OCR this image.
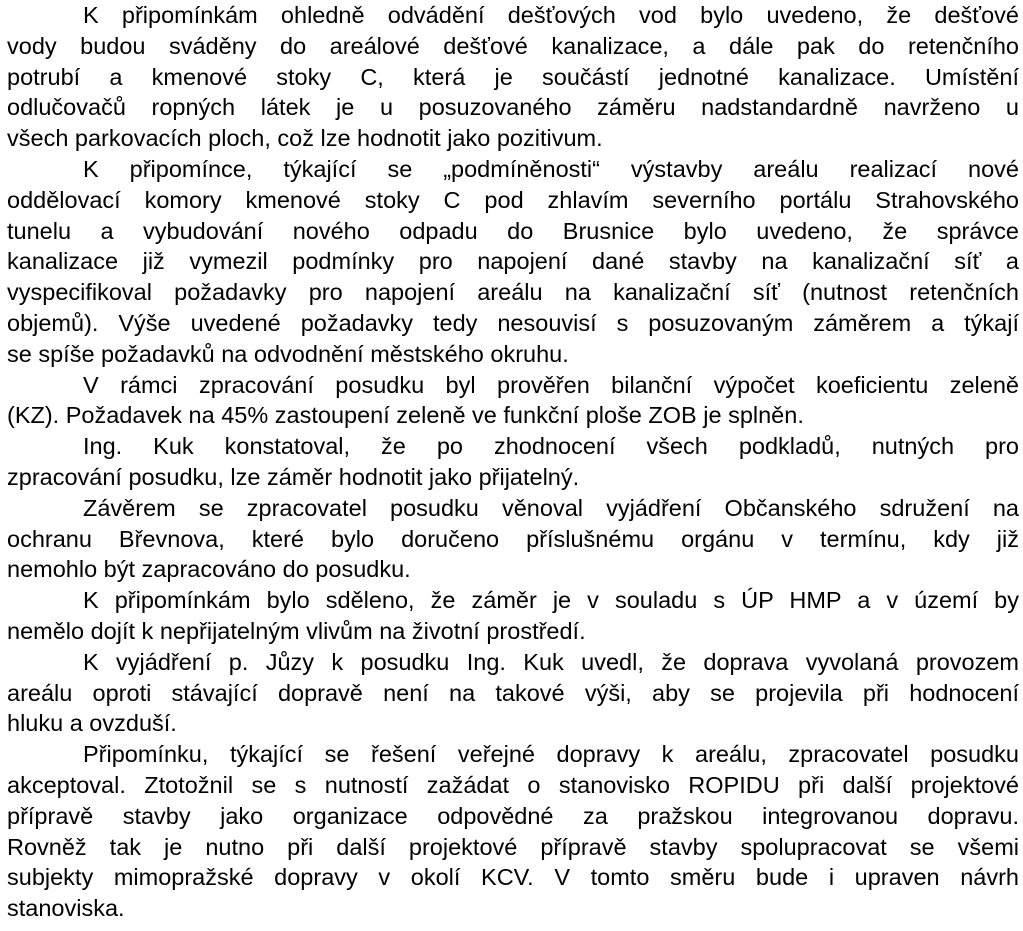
K připomínkám ohledně odvádění dešťových vod bylo uvedeno, že dešťové
vody budou sváděny do areálové dešťové kanalizace, a dále pak do retenčního
potrubí a kmenové stoky C, která je součástí jednotné kanalizace. Umístění
odlučovačů ropných látek je u posuzovaného záměru nadstandardně navrženo u
všech parkovacích ploch, což lze hodnotit jako pozitivum.
K připomínce, týkající se „podmíněnosti“ výstavby areálu realizací nové
oddělovací komory kmenové stoky C pod zhlavím severního portálu Strahovského
tunelu a vybudování nového odpadu do Brusnice bylo uvedeno, že správce
kanalizace již vymezil podmínky pro napojení dané stavby na kanalizační síť a
vyspecifikoval požadavky pro napojení areálu na kanalizační síť (nutnost retenčních
objemů). Výše uvedené požadavky tedy nesouvisí s posuzovaným záměrem a týkají
se spíše požadavků na odvodnění městského okruhu.
V rámci zpracování posudku byl prověřen bilanční výpočet koeficientu zeleně
(KZ). Požadavek na 45% zastoupení zeleně ve funkční ploše ZOB je splněn.
Ing. Kuk konstatoval, že po zhodnocení všech podkladů, nutných pro
zpracování posudku, lze záměr hodnotit jako přijatelný.
Závěrem se zpracovatel posudku věnoval vyjádření Občanského sdružení na
ochranu Břevnova, které bylo doručeno příslušnému orgánu v termínu, kdy již
nemohlo být zapracováno do posudku.
K připomínkám bylo sděleno, že záměr je v souladu s ÚP HMP a v území by
nemělo dojít k nepřijatelným vlivům na životní prostředí.
K vyjádření p. Jůzy k posudku Ing. Kuk uvedl, že doprava vyvolaná provozem
areálu oproti stávající dopravě není na takové výši, aby se projevila při hodnocení
hluku a ovzduší.
Připomínku, týkající se řešení veřejné dopravy k areálu, zpracovatel posudku
akceptoval. Ztotožnil se s nutností zažádat o stanovisko ROPIDU při další projektové
přípravě stavby jako organizace odpovědné za pražskou integrovanou dopravu.
Rovněž tak je nutno při další projektové přípravě stavby spolupracovat se všemi
subjekty mimopražské dopravy v okolí KCV. V tomto směru bude i upraven návrh
stanoviska.
